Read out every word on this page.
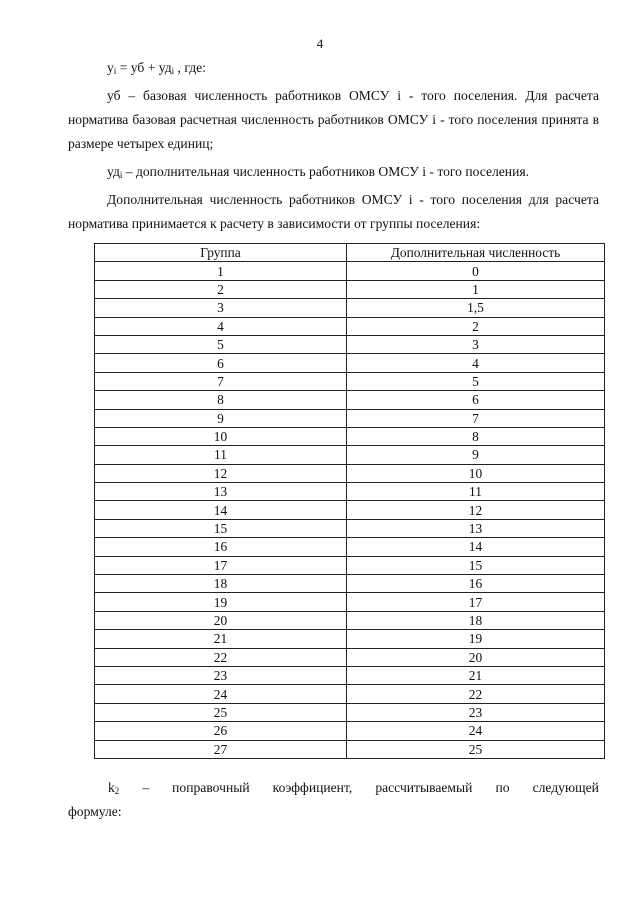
4

$у_i$ = уб + $уд_i$ , где:

уб – базовая численность работников ОМСУ i - того поселения. Для расчета норматива базовая расчетная численность работников ОМСУ i - того поселения принята в размере четырех единиц;

$уд_i$ – дополнительная численность работников ОМСУ i - того поселения.

Дополнительная численность работников ОМСУ i - того поселения для расчета норматива принимается к расчету в зависимости от группы поселения:

Группа	Дополнительная численность
1	0
2	1
3	1,5
4	2
5	3
6	4
7	5
8	6
9	7
10	8
11	9
12	10
13	11
14	12
15	13
16	14
17	15
18	16
19	17
20	18
21	19
22	20
23	21
24	22
25	23
26	24
27	25
$k_2$ – поправочный коэффициент, рассчитываемый по следующей
формуле:
